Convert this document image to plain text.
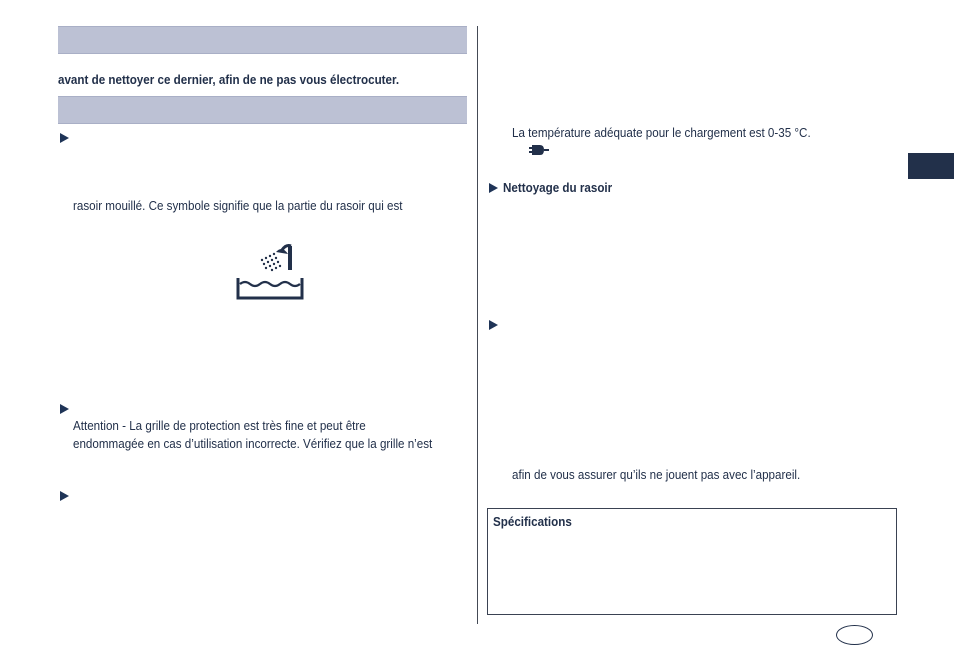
avant de nettoyer ce dernier, afin de ne pas vous électrocuter.
rasoir mouillé. Ce symbole signifie que la partie du rasoir qui est
Attention - La grille de protection est très fine et peut être
endommagée en cas d’utilisation incorrecte. Vérifiez que la grille n’est
La température adéquate pour le chargement est 0-35 °C.
Nettoyage du rasoir
afin de vous assurer qu’ils ne jouent pas avec l’appareil.
Spécifications
